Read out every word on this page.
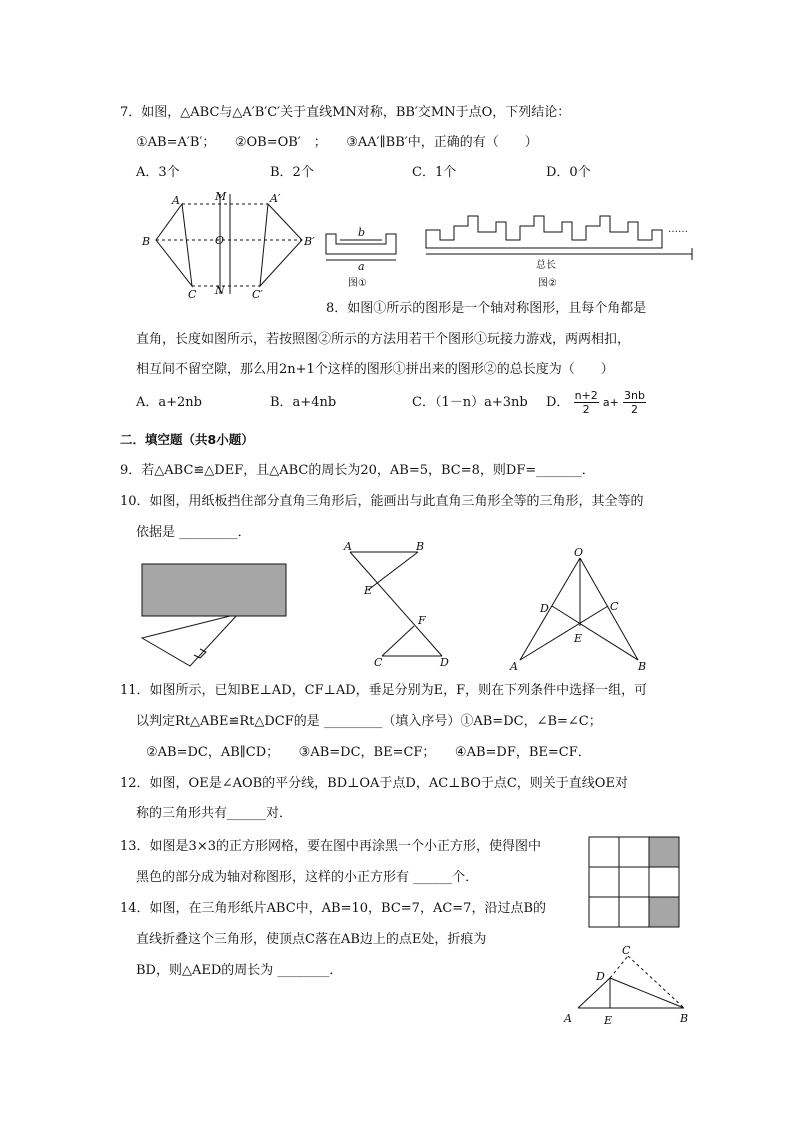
7．如图，△ABC与△A′B′C′关于直线MN对称，BB′交MN于点O，下列结论：
①AB=A′B′；　　②OB=OB′　；　　③AA′∥BB′中，正确的有（　　）
A．3个	B．2个	C．1个	D．0个
A
B
C
M
O
N
A′
B′
C′
b
a
图①
……
总长
图②
8．如图①所示的图形是一个轴对称图形，且每个角都是
直角，长度如图所示，若按照图②所示的方法用若干个图形①玩接力游戏，两两相扣，
相互间不留空隙，那么用2n+1个这样的图形①拼出来的图形②的总长度为（　　）
A．a+2nb	B．a+4nb	C．（1－n）a+3nb D． $\frac{n+2}{2} a+ \frac{3nb}{2}$
二．填空题（共8小题）
9．若△ABC≌△DEF，且△ABC的周长为20，AB=5，BC=8，则DF=_______．
10．如图，用纸板挡住部分直角三角形后，能画出与此直角三角形全等的三角形，其全等的
依据是 _________．
A	B
E
F
C	D
O
D	C
E
A	B
11．如图所示，已知BE⊥AD，CF⊥AD，垂足分别为E，F，则在下列条件中选择一组，可
以判定Rt△ABE≌Rt△DCF的是 _________（填入序号）①AB=DC，∠B=∠C；
②AB=DC，AB∥CD；　　③AB=DC，BE=CF；　　④AB=DF，BE=CF．
12．如图，OE是∠AOB的平分线，BD⊥OA于点D，AC⊥BO于点C，则关于直线OE对
称的三角形共有______对．
13．如图是3×3的正方形网格，要在图中再涂黑一个小正方形，使得图中
黑色的部分成为轴对称图形，这样的小正方形有 ______个．
14．如图，在三角形纸片ABC中，AB=10，BC=7，AC=7，沿过点B的
直线折叠这个三角形，使顶点C落在AB边上的点E处，折痕为
BD，则△AED的周长为 ________．
C
D
A	E	B
